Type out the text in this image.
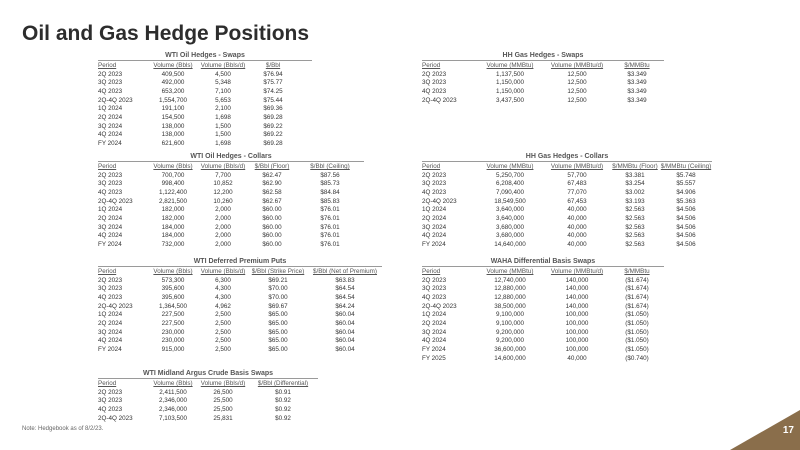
Oil and Gas Hedge Positions
WTI Oil Hedges - Swaps
Period	Volume (Bbls)	Volume (Bbls/d)	$/Bbl
2Q 2023	409,500	4,500	$76.94
3Q 2023	492,000	5,348	$75.77
4Q 2023	653,200	7,100	$74.25
2Q-4Q 2023	1,554,700	5,653	$75.44
1Q 2024	191,100	2,100	$69.36
2Q 2024	154,500	1,698	$69.28
3Q 2024	138,000	1,500	$69.22
4Q 2024	138,000	1,500	$69.22
FY 2024	621,600	1,698	$69.28
WTI Oil Hedges - Collars
Period	Volume (Bbls)	Volume (Bbls/d)	$/Bbl (Floor)	$/Bbl (Ceiling)
2Q 2023	700,700	7,700	$62.47	$87.56
3Q 2023	998,400	10,852	$62.90	$85.73
4Q 2023	1,122,400	12,200	$62.58	$84.84
2Q-4Q 2023	2,821,500	10,260	$62.67	$85.83
1Q 2024	182,000	2,000	$60.00	$76.01
2Q 2024	182,000	2,000	$60.00	$76.01
3Q 2024	184,000	2,000	$60.00	$76.01
4Q 2024	184,000	2,000	$60.00	$76.01
FY 2024	732,000	2,000	$60.00	$76.01
WTI Deferred Premium Puts
Period	Volume (Bbls)	Volume (Bbls/d)	$/Bbl (Strike Price)	$/Bbl (Net of Premium)
2Q 2023	573,300	6,300	$69.21	$63.83
3Q 2023	395,600	4,300	$70.00	$64.54
4Q 2023	395,600	4,300	$70.00	$64.54
2Q-4Q 2023	1,364,500	4,962	$69.67	$64.24
1Q 2024	227,500	2,500	$65.00	$60.04
2Q 2024	227,500	2,500	$65.00	$60.04
3Q 2024	230,000	2,500	$65.00	$60.04
4Q 2024	230,000	2,500	$65.00	$60.04
FY 2024	915,000	2,500	$65.00	$60.04
WTI Midland Argus Crude Basis Swaps
Period	Volume (Bbls)	Volume (Bbls/d)	$/Bbl (Differential)
2Q 2023	2,411,500	26,500	$0.91
3Q 2023	2,346,000	25,500	$0.92
4Q 2023	2,346,000	25,500	$0.92
2Q-4Q 2023	7,103,500	25,831	$0.92
HH Gas Hedges - Swaps
Period	Volume (MMBtu)	Volume (MMBtu/d)	$/MMBtu
2Q 2023	1,137,500	12,500	$3.349
3Q 2023	1,150,000	12,500	$3.349
4Q 2023	1,150,000	12,500	$3.349
2Q-4Q 2023	3,437,500	12,500	$3.349
HH Gas Hedges - Collars
Period	Volume (MMBtu)	Volume (MMBtu/d)	$/MMBtu (Floor)	$/MMBtu (Ceiling)
2Q 2023	5,250,700	57,700	$3.381	$5.748
3Q 2023	6,208,400	67,483	$3.254	$5.557
4Q 2023	7,090,400	77,070	$3.002	$4.906
2Q-4Q 2023	18,549,500	67,453	$3.193	$5.363
1Q 2024	3,640,000	40,000	$2.563	$4.506
2Q 2024	3,640,000	40,000	$2.563	$4.506
3Q 2024	3,680,000	40,000	$2.563	$4.506
4Q 2024	3,680,000	40,000	$2.563	$4.506
FY 2024	14,640,000	40,000	$2.563	$4.506
WAHA Differential Basis Swaps
Period	Volume (MMBtu)	Volume (MMBtu/d)	$/MMBtu
2Q 2023	12,740,000	140,000	($1.674)
3Q 2023	12,880,000	140,000	($1.674)
4Q 2023	12,880,000	140,000	($1.674)
2Q-4Q 2023	38,500,000	140,000	($1.674)
1Q 2024	9,100,000	100,000	($1.050)
2Q 2024	9,100,000	100,000	($1.050)
3Q 2024	9,200,000	100,000	($1.050)
4Q 2024	9,200,000	100,000	($1.050)
FY 2024	36,600,000	100,000	($1.050)
FY 2025	14,600,000	40,000	($0.740)
Note: Hedgebook as of 8/2/23.	17
